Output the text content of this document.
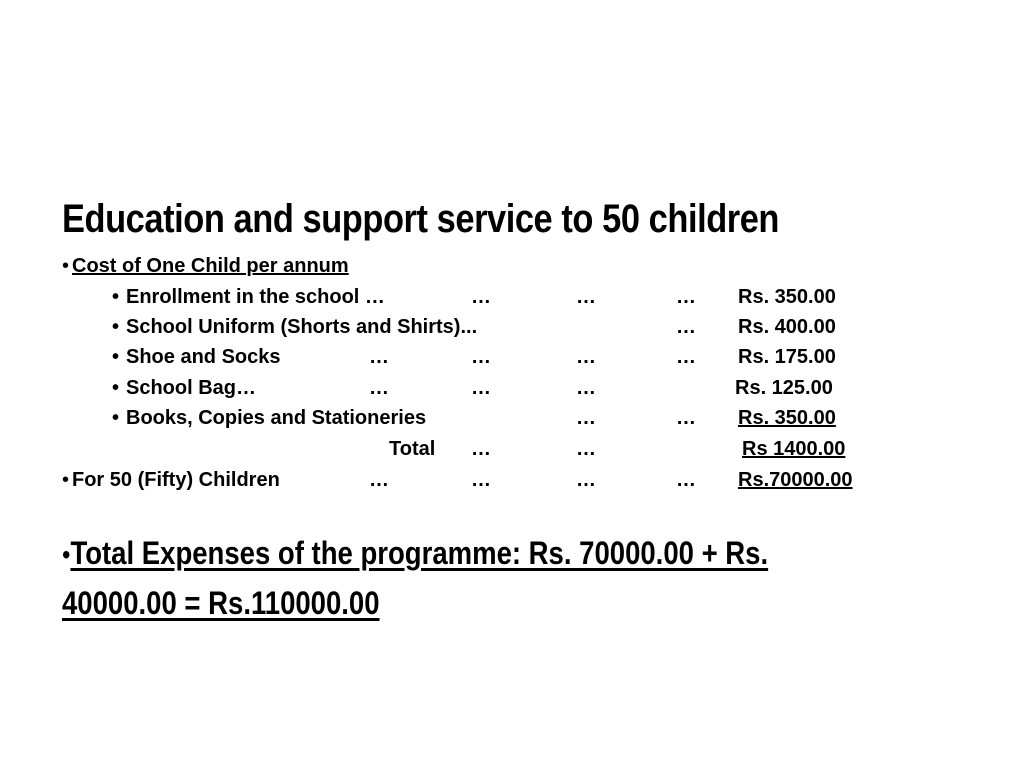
Education and support service to 50 children
• Cost of One Child per annum
• Enrollment in the school …	…	…	… Rs. 350.00
• School Uniform (Shorts and Shirts)...	… Rs. 400.00
• Shoe and Socks	…	…	…	… Rs. 175.00
• School Bag…	…	…	…	Rs. 125.00
• Books, Copies and Stationeries	…	… Rs. 350.00
Total …	…	Rs 1400.00
• For 50 (Fifty) Children	…	…	…	… Rs.70000.00
•Total Expenses of the programme: Rs. 70000.00 + Rs.
40000.00 = Rs.110000.00
